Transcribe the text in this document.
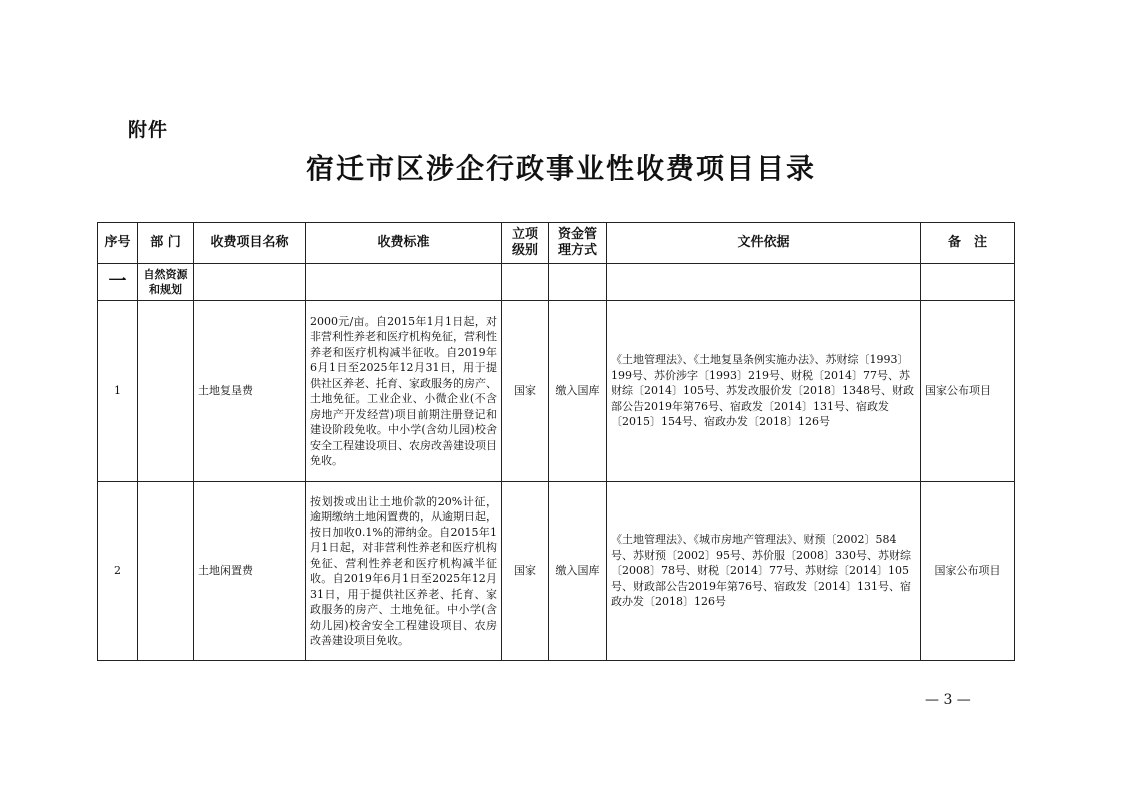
附件
宿迁市区涉企行政事业性收费项目目录
序号	部 门	收费项目名称	收费标准	立项级别	资金管理方式	文件依据	备　注
一	自然资源和规划						
1		土地复垦费	2000元/亩。自2015年1月1日起，对非营利性养老和医疗机构免征，营利性养老和医疗机构减半征收。自2019年6月1日至2025年12月31日，用于提供社区养老、托育、家政服务的房产、土地免征。工业企业、小微企业(不含房地产开发经营)项目前期注册登记和建设阶段免收。中小学(含幼儿园)校舍安全工程建设项目、农房改善建设项目免收。	国家	缴入国库	《土地管理法》、《土地复垦条例实施办法》、苏财综〔1993〕199号、苏价涉字〔1993〕219号、财税〔2014〕77号、苏财综〔2014〕105号、苏发改服价发〔2018〕1348号、财政部公告2019年第76号、宿政发〔2014〕131号、宿政发〔2015〕154号、宿政办发〔2018〕126号	国家公布项目
2		土地闲置费	按划拨或出让土地价款的20%计征，逾期缴纳土地闲置费的，从逾期日起，按日加收0.1%的滞纳金。自2015年1月1日起，对非营利性养老和医疗机构免征、营利性养老和医疗机构减半征收。自2019年6月1日至2025年12月31日，用于提供社区养老、托育、家政服务的房产、土地免征。中小学(含幼儿园)校舍安全工程建设项目、农房改善建设项目免收。	国家	缴入国库	《土地管理法》、《城市房地产管理法》、财预〔2002〕584号、苏财预〔2002〕95号、苏价服〔2008〕330号、苏财综〔2008〕78号、财税〔2014〕77号、苏财综〔2014〕105号、财政部公告2019年第76号、宿政发〔2014〕131号、宿政办发〔2018〕126号	国家公布项目
— 3 —
